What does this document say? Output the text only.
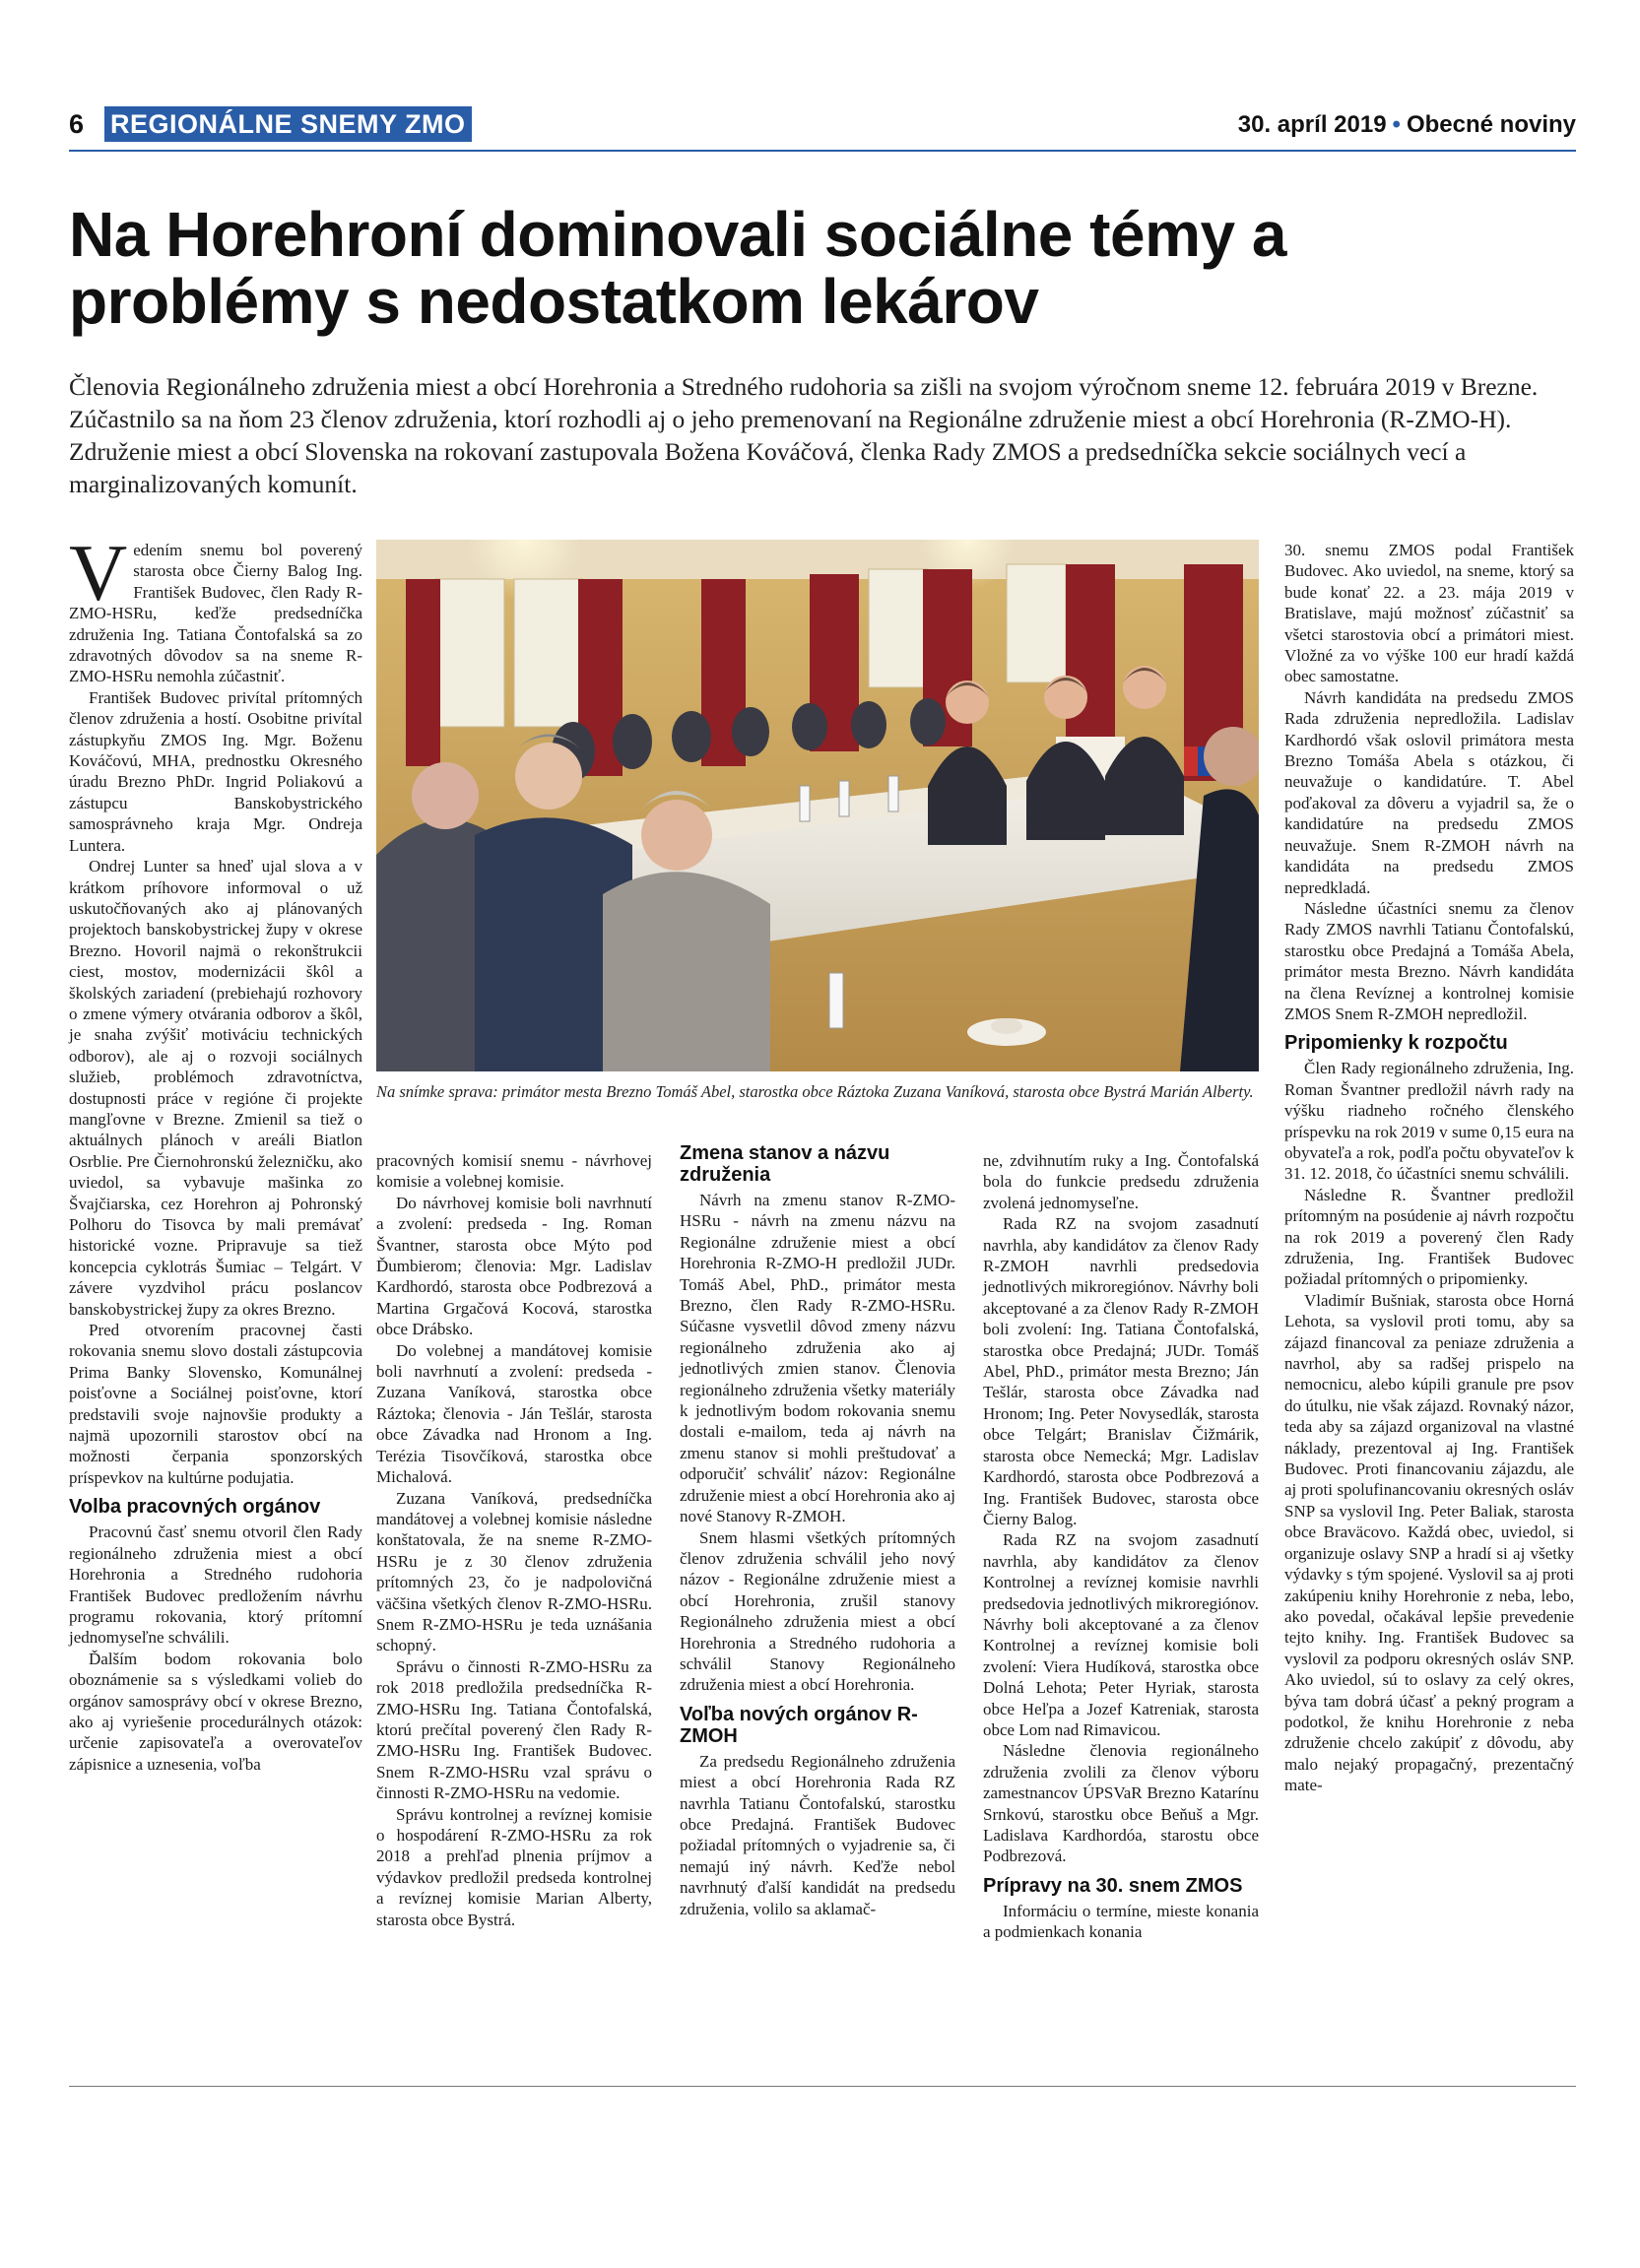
6 REGIONÁLNE SNEMY ZMO	30. apríl 2019 • Obecné noviny
Na Horehroní dominovali sociálne témy a problémy s nedostatkom lekárov

Členovia Regionálneho združenia miest a obcí Horehronia a Stredného rudohoria sa zišli na svojom výročnom sneme 12. februára 2019 v Brezne. Zúčastnilo sa na ňom 23 členov združenia, ktorí rozhodli aj o jeho premenovaní na Regionálne združenie miest a obcí Horehronia (R-ZMO-H). Združenie miest a obcí Slovenska na rokovaní zastupovala Božena Kováčová, členka Rady ZMOS a predsedníčka sekcie sociálnych vecí a marginalizovaných komunít.

Vedením snemu bol poverený starosta obce Čierny Balog Ing. František Budovec, člen Rady R-ZMO-HSRu, keďže predsedníčka združenia Ing. Tatiana Čontofalská sa zo zdravotných dôvodov sa na sneme R-ZMO-HSRu nemohla zúčastniť.

František Budovec privítal prítomných členov združenia a hostí. Osobitne privítal zástupkyňu ZMOS Ing. Mgr. Boženu Kováčovú, MHA, prednostku Okresného úradu Brezno PhDr. Ingrid Poliakovú a zástupcu Banskobystrického samosprávneho kraja Mgr. Ondreja Luntera.

Ondrej Lunter sa hneď ujal slova a v krátkom príhovore informoval o už uskutočňovaných ako aj plánovaných projektoch banskobystrickej župy v okrese Brezno. Hovoril najmä o rekonštrukcii ciest, mostov, modernizácii škôl a školských zariadení (prebiehajú rozhovory o zmene výmery otváraniа odborov a škôl, je snaha zvýšiť motiváciu technických odborov), ale aj o rozvoji sociálnych služieb, problémoch zdravotníctva, dostupnosti práce v regióne či projekte mangľovne v Brezne. Zmienil sa tiež o aktuálnych plánoch v areáli Biatlon Osrblie. Pre Čiernohronskú železničku, ako uviedol, sa vybavuje mašinka zo Švajčiarska, cez Horehron aj Pohronský Polhoru do Tisovca by mali premávať historické vozne. Pripravuje sa tiež koncepcia cyklotrás Šumiac – Telgárt. V závere vyzdvihol prácu poslancov banskobystrickej župy za okres Brezno.

Pred otvorením pracovnej časti rokovania snemu slovo dostali zástupcovia Prima Banky Slovensko, Komunálnej poisťovne a Sociálnej poisťovne, ktorí predstavili svoje najnovšie produkty a najmä upozornili starostov obcí na možnosti čerpania sponzorských príspevkov na kultúrne podujatia.

Volba pracovných orgánov

Pracovnú časť snemu otvoril člen Rady regionálneho združenia miest a obcí Horehronia a Stredného rudohoria František Budovec predložením návrhu programu rokovania, ktorý prítomní jednomyseľne schválili.

Ďalším bodom rokovania bolo oboznámenie sa s výsledkami volieb do orgánov samosprávy obcí v okrese Brezno, ako aj vyriešenie procedurálnych otázok: určenie zapisovateľa a overovateľov zápisnice a uznesenia, voľba

Na snímke sprava: primátor mesta Brezno Tomáš Abel, starostka obce Ráztoka Zuzana Vaníková, starosta obce Bystrá Marián Alberty.

pracovných komisií snemu - návrhovej komisie a volebnej komisie.

Do návrhovej komisie boli navrhnutí a zvolení: predseda - Ing. Roman Švantner, starosta obce Mýto pod Ďumbierom; členovia: Mgr. Ladislav Kardhordó, starosta obce Podbrezová a Martina Grgačová Kocová, starostka obce Drábsko.

Do volebnej a mandátovej komisie boli navrhnutí a zvolení: predseda - Zuzana Vaníková, starostka obce Ráztoka; členovia - Ján Tešlár, starosta obce Závadka nad Hronom a Ing. Terézia Tisovčíková, starostka obce Michalová.

Zuzana Vaníková, predsedníčka mandátovej a volebnej komisie následne konštatovala, že na sneme R-ZMO-HSRu je z 30 členov združenia prítomných 23, čo je nadpolovičná väčšina všetkých členov R-ZMO-HSRu. Snem R-ZMO-HSRu je teda uznášania schopný.

Správu o činnosti R-ZMO-HSRu za rok 2018 predložila predsedníčka R-ZMO-HSRu Ing. Tatiana Čontofalská, ktorú prečítal poverený člen Rady R-ZMO-HSRu Ing. František Budovec. Snem R-ZMO-HSRu vzal správu o činnosti R-ZMO-HSRu na vedomie.

Správu kontrolnej a revíznej komisie o hospodárení R-ZMO-HSRu za rok 2018 a prehľad plnenia príjmov a výdavkov predložil predseda kontrolnej a revíznej komisie Marian Alberty, starosta obce Bystrá.

Zmena stanov a názvu združenia

Návrh na zmenu stanov R-ZMO-HSRu - návrh na zmenu názvu na Regionálne združenie miest a obcí Horehronia R-ZMO-H predložil JUDr. Tomáš Abel, PhD., primátor mesta Brezno, člen Rady R-ZMO-HSRu. Súčasne vysvetlil dôvod zmeny názvu regionálneho združenia ako aj jednotlivých zmien stanov. Členovia regionálneho združenia všetky materiály k jednotlivým bodom rokovania snemu dostali e-mailom, teda aj návrh na zmenu stanov si mohli preštudovať a odporučiť schváliť názov: Regionálne združenie miest a obcí Horehronia ako aj nové Stanovy R-ZMOH.

Snem hlasmi všetkých prítomných členov združenia schválil jeho nový názov - Regionálne združenie miest a obcí Horehronia, zrušil stanovy Regionálneho združenia miest a obcí Horehronia a Stredného rudohoria a schválil Stanovy Regionálneho združenia miest a obcí Horehronia.

Voľba nových orgánov R-ZMOH

Za predsedu Regionálneho združenia miest a obcí Horehronia Rada RZ navrhla Tatianu Čontofalskú, starostku obce Predajná. František Budovec požiadal prítomných o vyjadrenie sa, či nemajú iný návrh. Keďže nebol navrhnutý ďalší kandidát na predsedu združenia, volilo sa aklamač-

ne, zdvihnutím ruky a Ing. Čontofalská bola do funkcie predsedu združenia zvolená jednomyseľne.

Rada RZ na svojom zasadnutí navrhla, aby kandidátov za členov Rady R-ZMOH navrhli predsedovia jednotlivých mikroregiónov. Návrhy boli akceptované a za členov Rady R-ZMOH boli zvolení: Ing. Tatiana Čontofalská, starostka obce Predajná; JUDr. Tomáš Abel, PhD., primátor mesta Brezno; Ján Tešlár, starosta obce Závadka nad Hronom; Ing. Peter Novysedlák, starosta obce Telgárt; Branislav Čižmárik, starosta obce Nemecká; Mgr. Ladislav Kardhordó, starosta obce Podbrezová a Ing. František Budovec, starosta obce Čierny Balog.

Rada RZ na svojom zasadnutí navrhla, aby kandidátov za členov Kontrolnej a revíznej komisie navrhli predsedovia jednotlivých mikroregiónov. Návrhy boli akceptované a za členov Kontrolnej a revíznej komisie boli zvolení: Viera Hudíková, starostka obce Dolná Lehota; Peter Hyriak, starosta obce Heľpa a Jozef Katreniak, starosta obce Lom nad Rimavicou.

Následne členovia regionálneho združenia zvolili za členov výboru zamestnancov ÚPSVaR Brezno Katarínu Srnkovú, starostku obce Beňuš a Mgr. Ladislava Kardhordóa, starostu obce Podbrezová.

Prípravy na 30. snem ZMOS

Informáciu o termíne, mieste konania a podmienkach konania

30. snemu ZMOS podal František Budovec. Ako uviedol, na sneme, ktorý sa bude konať 22. a 23. mája 2019 v Bratislave, majú možnosť zúčastniť sa všetci starostovia obcí a primátori miest. Vložné za vo výške 100 eur hradí každá obec samostatne.

Návrh kandidáta na predsedu ZMOS Rada združenia nepredložila. Ladislav Kardhordó však oslovil primátora mesta Brezno Tomáša Abela s otázkou, či neuvažuje o kandidatúre. T. Abel poďakoval za dôveru a vyjadril sa, že o kandidatúre na predsedu ZMOS neuvažuje. Snem R-ZMOH návrh na kandidáta na predsedu ZMOS nepredkladá.

Následne účastníci snemu za členov Rady ZMOS navrhli Tatianu Čontofalskú, starostku obce Predajná a Tomáša Abela, primátor mesta Brezno. Návrh kandidáta na člena Revíznej a kontrolnej komisie ZMOS Snem R-ZMOH nepredložil.

Pripomienky k rozpočtu

Člen Rady regionálneho združenia, Ing. Roman Švantner predložil návrh rady na výšku riadneho ročného členského príspevku na rok 2019 v sume 0,15 eura na obyvateľa a rok, podľa počtu obyvateľov k 31. 12. 2018, čo účastníci snemu schválili.

Následne R. Švantner predložil prítomným na posúdenie aj návrh rozpočtu na rok 2019 a poverený člen Rady združenia, Ing. František Budovec požiadal prítomných o pripomienky.

Vladimír Bušniak, starosta obce Horná Lehota, sa vyslovil proti tomu, aby sa zájazd financoval za peniaze združenia a navrhol, aby sa radšej prispelo na nemocnicu, alebo kúpili granule pre psov do útulku, nie však zájazd. Rovnaký názor, teda aby sa zájazd organizoval na vlastné náklady, prezentoval aj Ing. František Budovec. Proti financovaniu zájazdu, ale aj proti spolufinancovaniu okresných osláv SNP sa vyslovil Ing. Peter Baliak, starosta obce Braväcovo. Každá obec, uviedol, si organizuje oslavy SNP a hradí si aj všetky výdavky s tým spojené. Vyslovil sa aj proti zakúpeniu knihy Horehronie z neba, lebo, ako povedal, očakával lepšie prevedenie tejto knihy. Ing. František Budovec sa vyslovil za podporu okresných osláv SNP. Ako uviedol, sú to oslavy za celý okres, býva tam dobrá účasť a pekný program a podotkol, že knihu Horehronie z neba združenie chcelo zakúpiť z dôvodu, aby malo nejaký propagačný, prezentačný mate-
